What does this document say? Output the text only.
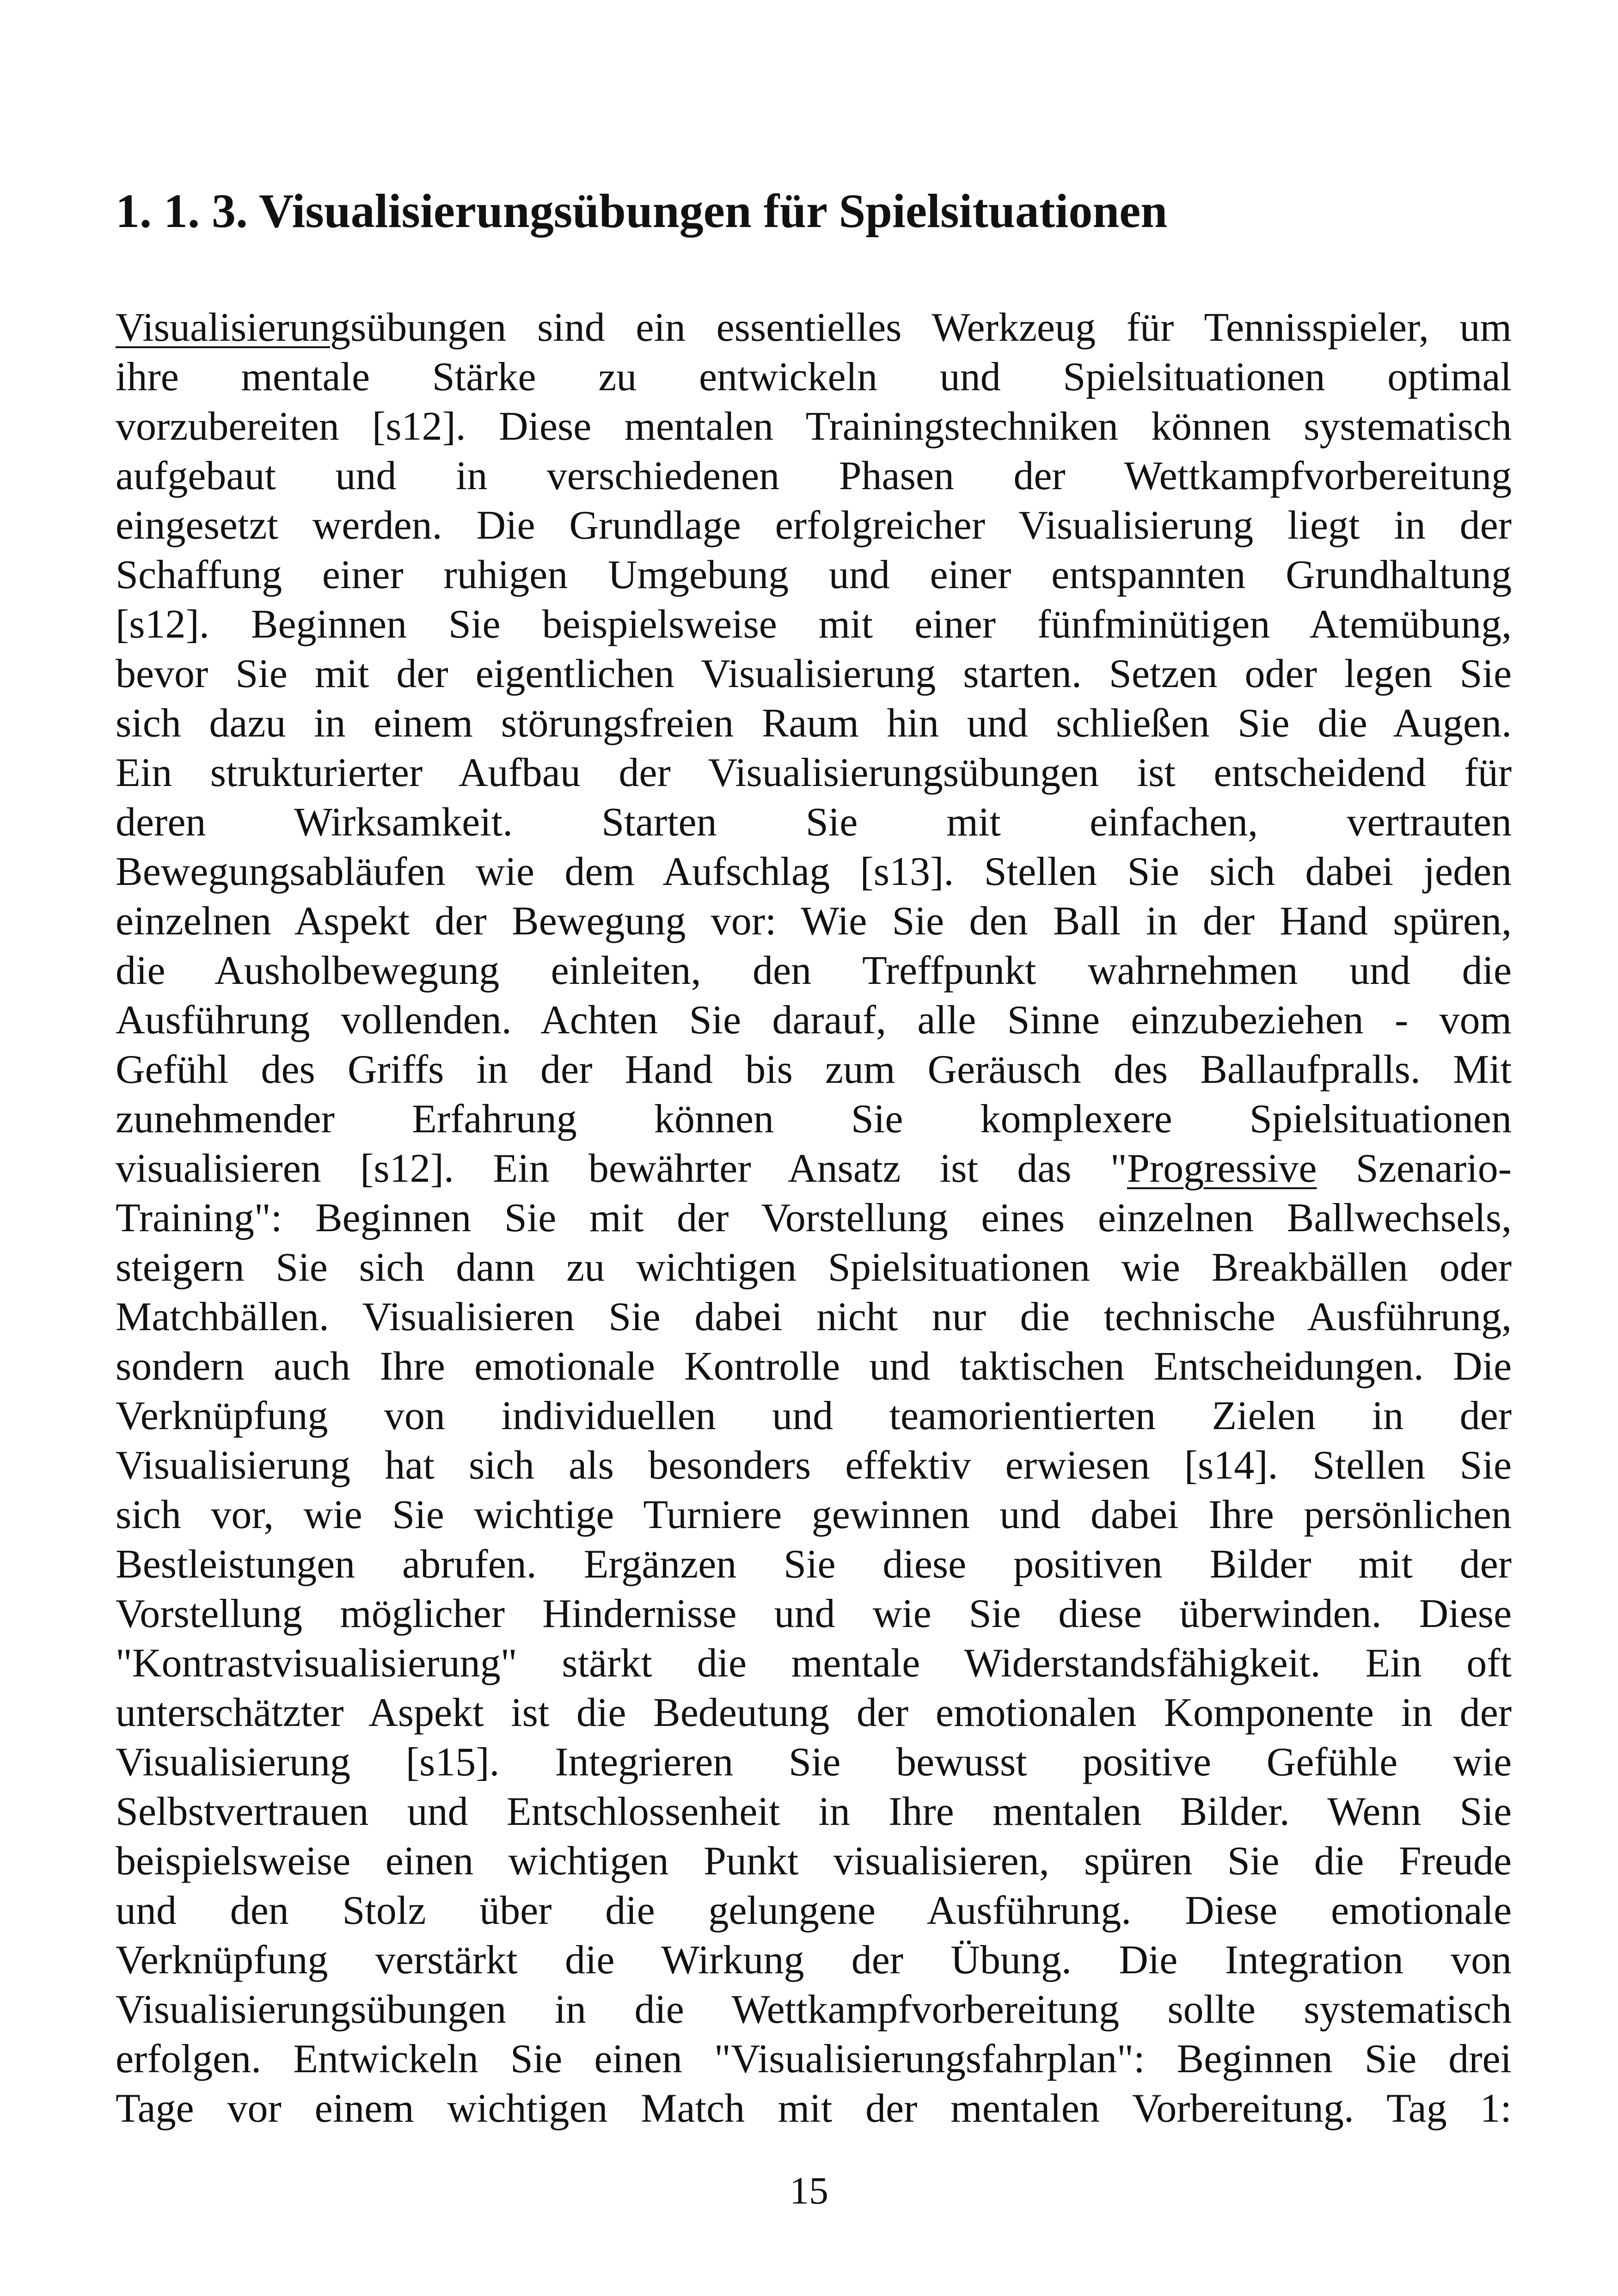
1. 1. 3. Visualisierungsübungen für Spielsituationen
Visualisierungsübungen sind ein essentielles Werkzeug für Tennisspieler, um
ihre mentale Stärke zu entwickeln und Spielsituationen optimal
vorzubereiten [s12]. Diese mentalen Trainingstechniken können systematisch
aufgebaut und in verschiedenen Phasen der Wettkampfvorbereitung
eingesetzt werden. Die Grundlage erfolgreicher Visualisierung liegt in der
Schaffung einer ruhigen Umgebung und einer entspannten Grundhaltung
[s12]. Beginnen Sie beispielsweise mit einer fünfminütigen Atemübung,
bevor Sie mit der eigentlichen Visualisierung starten. Setzen oder legen Sie
sich dazu in einem störungsfreien Raum hin und schließen Sie die Augen.
Ein strukturierter Aufbau der Visualisierungsübungen ist entscheidend für
deren Wirksamkeit. Starten Sie mit einfachen, vertrauten
Bewegungsabläufen wie dem Aufschlag [s13]. Stellen Sie sich dabei jeden
einzelnen Aspekt der Bewegung vor: Wie Sie den Ball in der Hand spüren,
die Ausholbewegung einleiten, den Treffpunkt wahrnehmen und die
Ausführung vollenden. Achten Sie darauf, alle Sinne einzubeziehen - vom
Gefühl des Griffs in der Hand bis zum Geräusch des Ballaufpralls. Mit
zunehmender Erfahrung können Sie komplexere Spielsituationen
visualisieren [s12]. Ein bewährter Ansatz ist das "Progressive Szenario-
Training": Beginnen Sie mit der Vorstellung eines einzelnen Ballwechsels,
steigern Sie sich dann zu wichtigen Spielsituationen wie Breakbällen oder
Matchbällen. Visualisieren Sie dabei nicht nur die technische Ausführung,
sondern auch Ihre emotionale Kontrolle und taktischen Entscheidungen. Die
Verknüpfung von individuellen und teamorientierten Zielen in der
Visualisierung hat sich als besonders effektiv erwiesen [s14]. Stellen Sie
sich vor, wie Sie wichtige Turniere gewinnen und dabei Ihre persönlichen
Bestleistungen abrufen. Ergänzen Sie diese positiven Bilder mit der
Vorstellung möglicher Hindernisse und wie Sie diese überwinden. Diese
"Kontrastvisualisierung" stärkt die mentale Widerstandsfähigkeit. Ein oft
unterschätzter Aspekt ist die Bedeutung der emotionalen Komponente in der
Visualisierung [s15]. Integrieren Sie bewusst positive Gefühle wie
Selbstvertrauen und Entschlossenheit in Ihre mentalen Bilder. Wenn Sie
beispielsweise einen wichtigen Punkt visualisieren, spüren Sie die Freude
und den Stolz über die gelungene Ausführung. Diese emotionale
Verknüpfung verstärkt die Wirkung der Übung. Die Integration von
Visualisierungsübungen in die Wettkampfvorbereitung sollte systematisch
erfolgen. Entwickeln Sie einen "Visualisierungsfahrplan": Beginnen Sie drei
Tage vor einem wichtigen Match mit der mentalen Vorbereitung. Tag 1:
15
